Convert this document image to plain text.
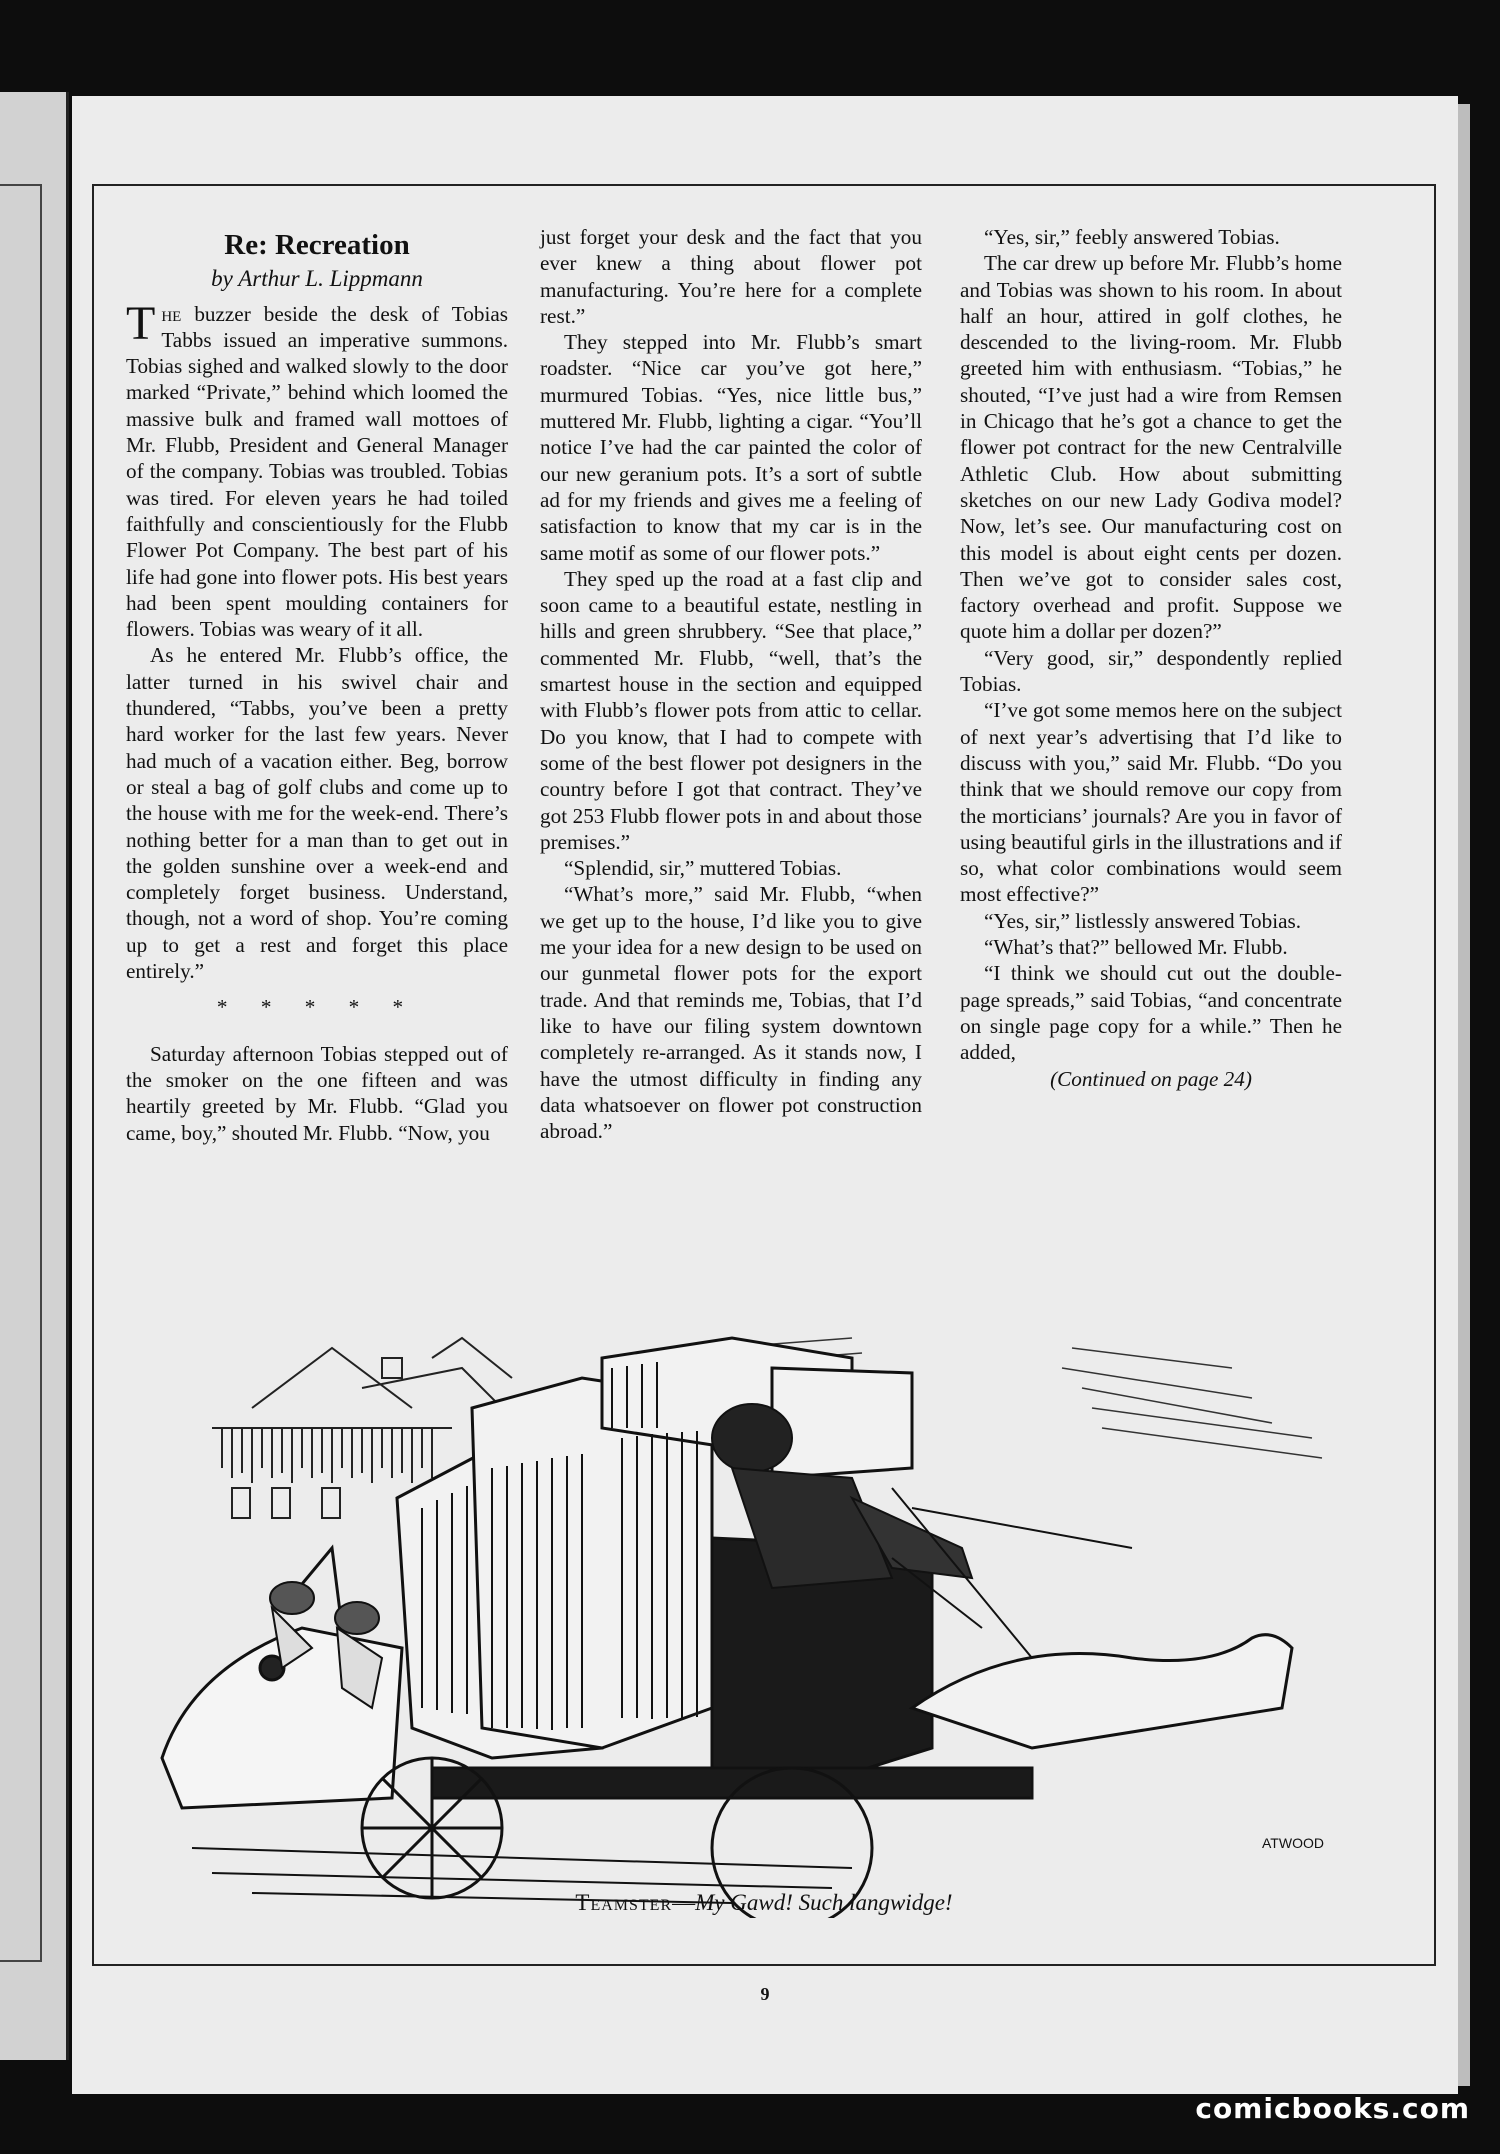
Re: Recreation
by Arthur L. Lippmann

The buzzer beside the desk of Tobias Tabbs issued an imperative summons. Tobias sighed and walked slowly to the door marked “Private,” behind which loomed the massive bulk and framed wall mottoes of Mr. Flubb, President and General Manager of the company. Tobias was troubled. Tobias was tired. For eleven years he had toiled faithfully and conscientiously for the Flubb Flower Pot Company. The best part of his life had gone into flower pots. His best years had been spent moulding containers for flowers. Tobias was weary of it all.

As he entered Mr. Flubb’s office, the latter turned in his swivel chair and thundered, “Tabbs, you’ve been a pretty hard worker for the last few years. Never had much of a vacation either. Beg, borrow or steal a bag of golf clubs and come up to the house with me for the week-end. There’s nothing better for a man than to get out in the golden sunshine over a week-end and completely forget business. Understand, though, not a word of shop. You’re coming up to get a rest and forget this place entirely.”

* * * * *

Saturday afternoon Tobias stepped out of the smoker on the one fifteen and was heartily greeted by Mr. Flubb. “Glad you came, boy,” shouted Mr. Flubb. “Now, you

just forget your desk and the fact that you ever knew a thing about flower pot manufacturing. You’re here for a complete rest.”

They stepped into Mr. Flubb’s smart roadster. “Nice car you’ve got here,” murmured Tobias. “Yes, nice little bus,” muttered Mr. Flubb, lighting a cigar. “You’ll notice I’ve had the car painted the color of our new geranium pots. It’s a sort of subtle ad for my friends and gives me a feeling of satisfaction to know that my car is in the same motif as some of our flower pots.”

They sped up the road at a fast clip and soon came to a beautiful estate, nestling in hills and green shrubbery. “See that place,” commented Mr. Flubb, “well, that’s the smartest house in the section and equipped with Flubb’s flower pots from attic to cellar. Do you know, that I had to compete with some of the best flower pot designers in the country before I got that contract. They’ve got 253 Flubb flower pots in and about those premises.”

“Splendid, sir,” muttered Tobias.

“What’s more,” said Mr. Flubb, “when we get up to the house, I’d like you to give me your idea for a new design to be used on our gunmetal flower pots for the export trade. And that reminds me, Tobias, that I’d like to have our filing system downtown completely re-arranged. As it stands now, I have the utmost difficulty in finding any data whatsoever on flower pot construction abroad.”

“Yes, sir,” feebly answered Tobias.

The car drew up before Mr. Flubb’s home and Tobias was shown to his room. In about half an hour, attired in golf clothes, he descended to the living-room. Mr. Flubb greeted him with enthusiasm. “Tobias,” he shouted, “I’ve just had a wire from Remsen in Chicago that he’s got a chance to get the flower pot contract for the new Centralville Athletic Club. How about submitting sketches on our new Lady Godiva model? Now, let’s see. Our manufacturing cost on this model is about eight cents per dozen. Then we’ve got to consider sales cost, factory overhead and profit. Suppose we quote him a dollar per dozen?”

“Very good, sir,” despondently replied Tobias.

“I’ve got some memos here on the subject of next year’s advertising that I’d like to discuss with you,” said Mr. Flubb. “Do you think that we should remove our copy from the morticians’ journals? Are you in favor of using beautiful girls in the illustrations and if so, what color combinations would seem most effective?”

“Yes, sir,” listlessly answered Tobias.

“What’s that?” bellowed Mr. Flubb.

“I think we should cut out the double-page spreads,” said Tobias, “and concentrate on single page copy for a while.” Then he added,

(Continued on page 24)
ATWOOD
Teamster—My Gawd! Such langwidge!
9
comicbooks.com
